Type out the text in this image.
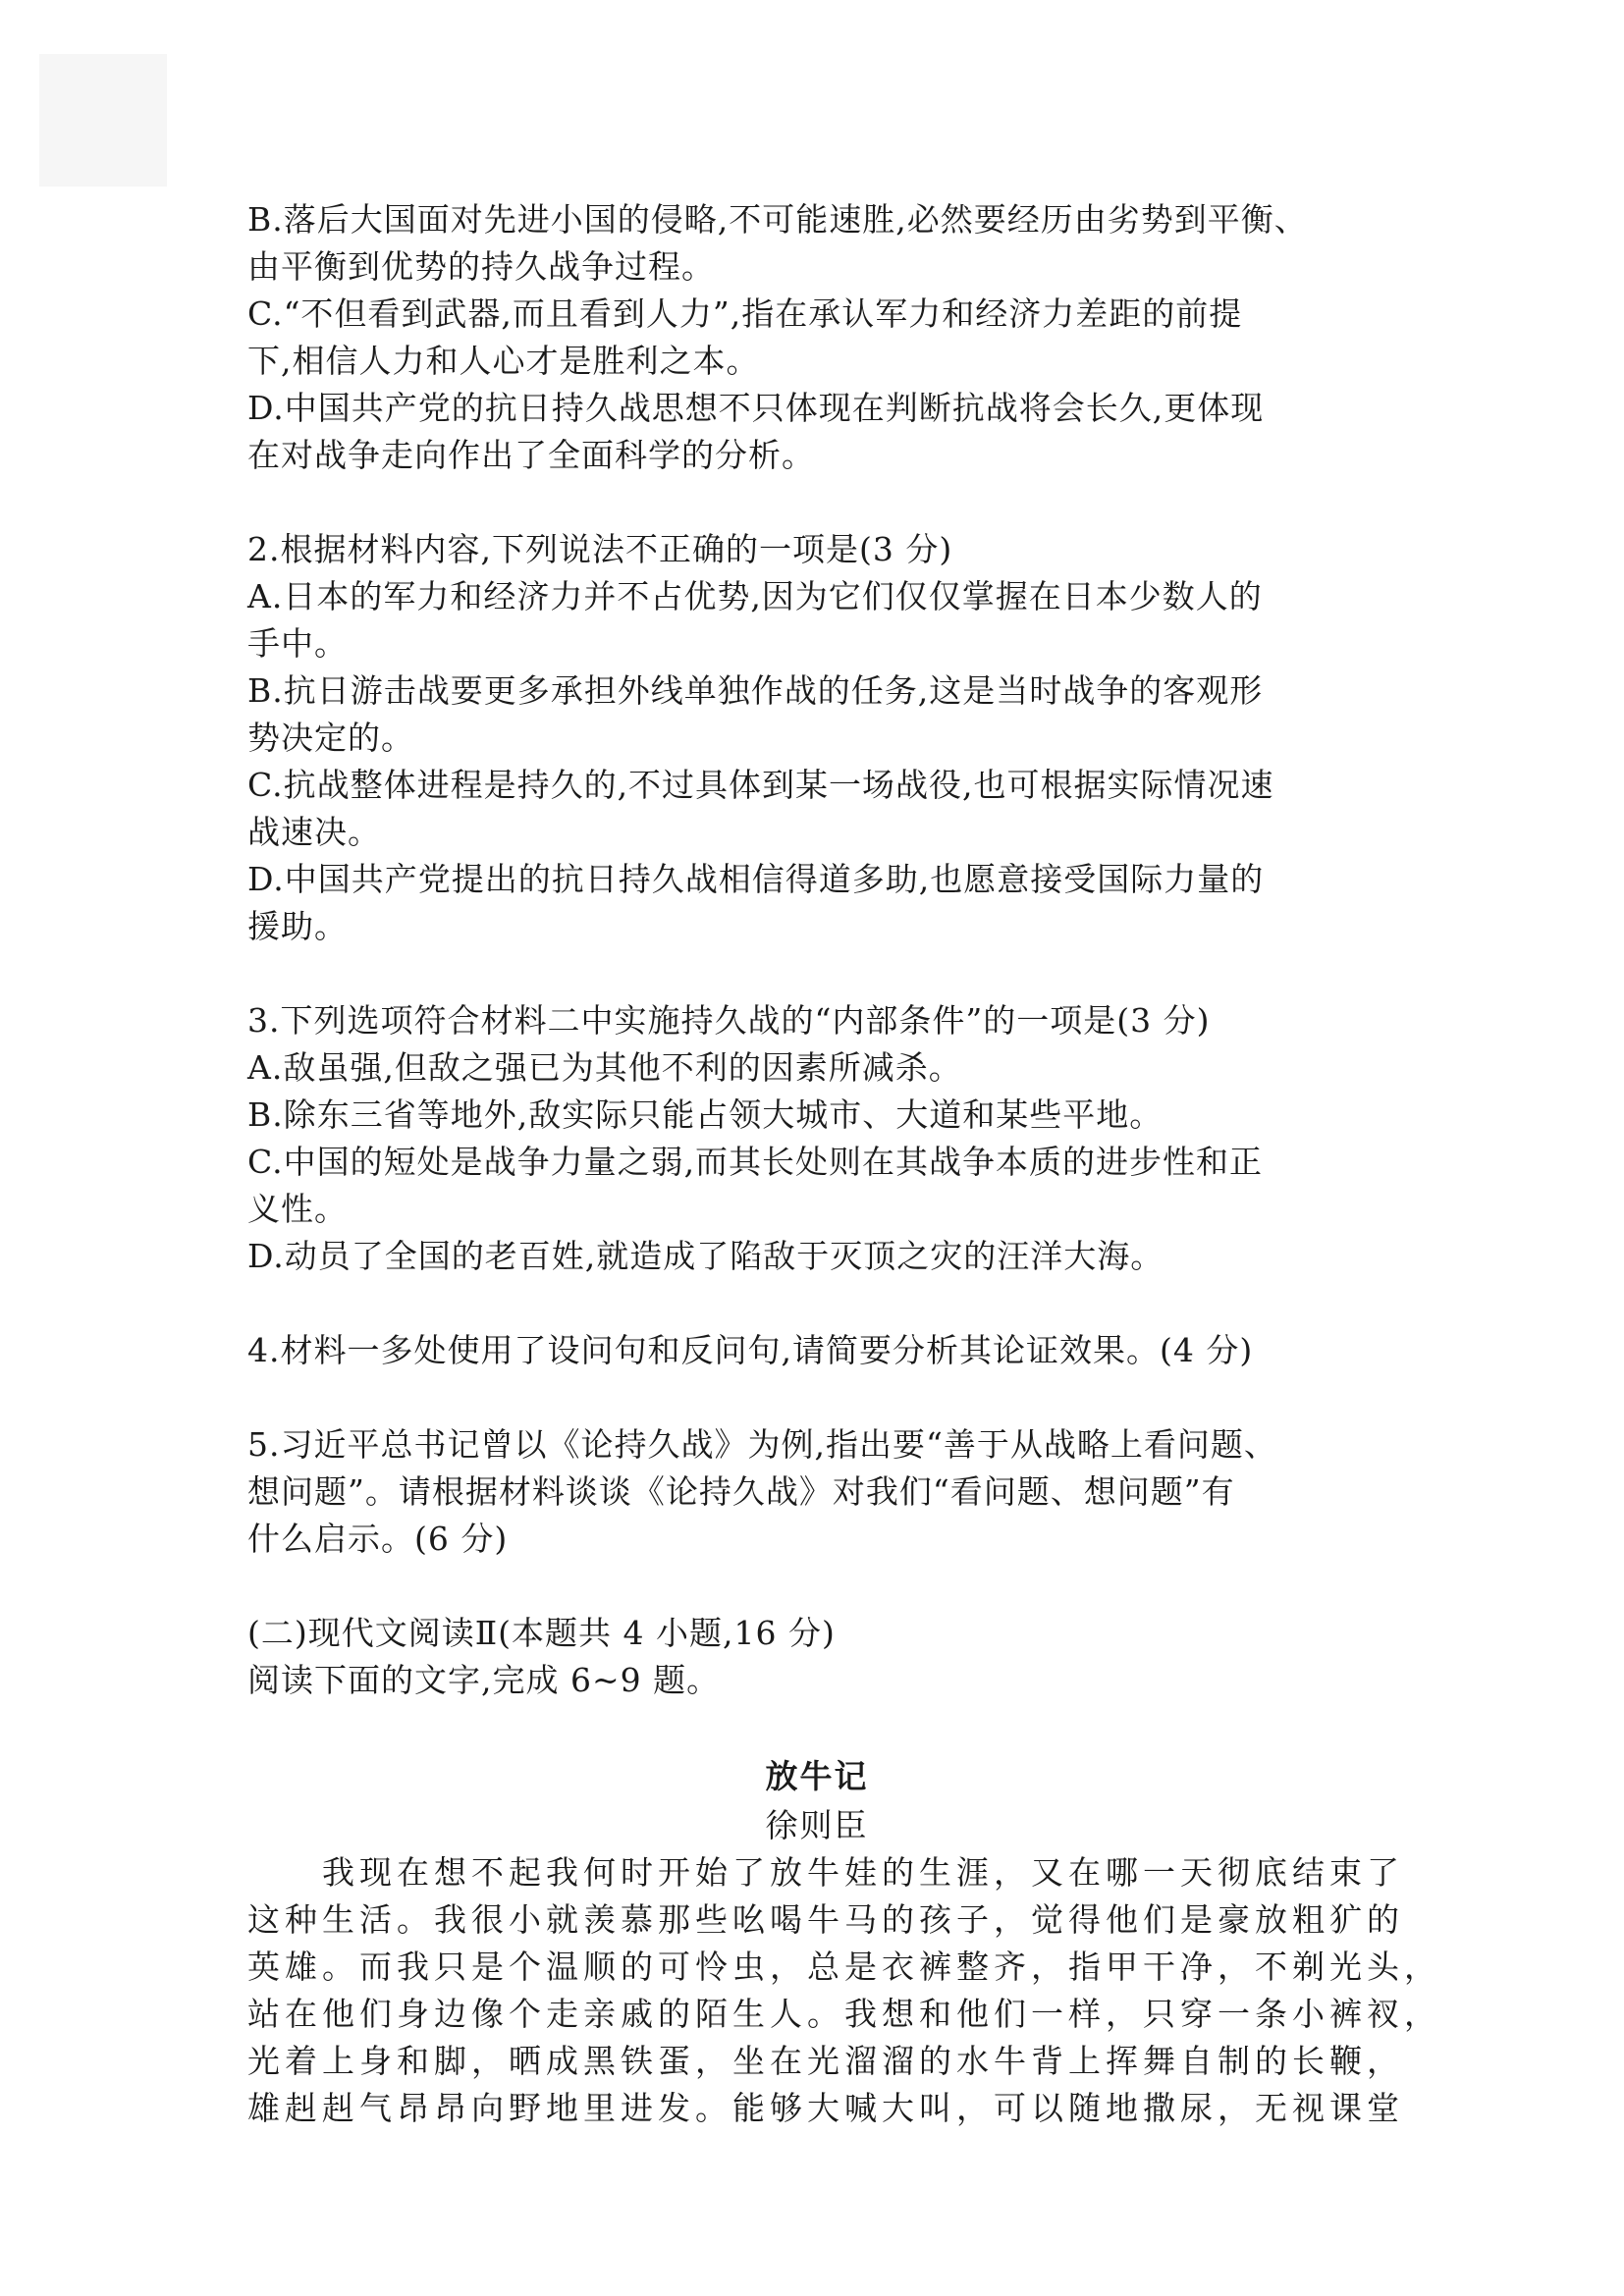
B.落后大国面对先进小国的侵略,不可能速胜,必然要经历由劣势到平衡、
由平衡到优势的持久战争过程。
C.“不但看到武器,而且看到人力”,指在承认军力和经济力差距的前提
下,相信人力和人心才是胜利之本。
D.中国共产党的抗日持久战思想不只体现在判断抗战将会长久,更体现
在对战争走向作出了全面科学的分析。
2.根据材料内容,下列说法不正确的一项是(3 分)
A.日本的军力和经济力并不占优势,因为它们仅仅掌握在日本少数人的
手中。
B.抗日游击战要更多承担外线单独作战的任务,这是当时战争的客观形
势决定的。
C.抗战整体进程是持久的,不过具体到某一场战役,也可根据实际情况速
战速决。
D.中国共产党提出的抗日持久战相信得道多助,也愿意接受国际力量的
援助。
3.下列选项符合材料二中实施持久战的“内部条件”的一项是(3 分)
A.敌虽强,但敌之强已为其他不利的因素所减杀。
B.除东三省等地外,敌实际只能占领大城市、大道和某些平地。
C.中国的短处是战争力量之弱,而其长处则在其战争本质的进步性和正
义性。
D.动员了全国的老百姓,就造成了陷敌于灭顶之灾的汪洋大海。
4.材料一多处使用了设问句和反问句,请简要分析其论证效果。(4 分)
5.习近平总书记曾以《论持久战》为例,指出要“善于从战略上看问题、
想问题”。请根据材料谈谈《论持久战》对我们“看问题、想问题”有
什么启示。(6 分)
(二)现代文阅读Ⅱ(本题共 4 小题,16 分)
阅读下面的文字,完成 6~9 题。
放牛记
徐则臣
　　我现在想不起我何时开始了放牛娃的生涯，又在哪一天彻底结束了
这种生活。我很小就羡慕那些吆喝牛马的孩子，觉得他们是豪放粗犷的
英雄。而我只是个温顺的可怜虫，总是衣裤整齐，指甲干净，不剃光头，
站在他们身边像个走亲戚的陌生人。我想和他们一样，只穿一条小裤衩，
光着上身和脚，晒成黑铁蛋，坐在光溜溜的水牛背上挥舞自制的长鞭，
雄赳赳气昂昂向野地里进发。能够大喊大叫，可以随地撒尿，无视课堂
